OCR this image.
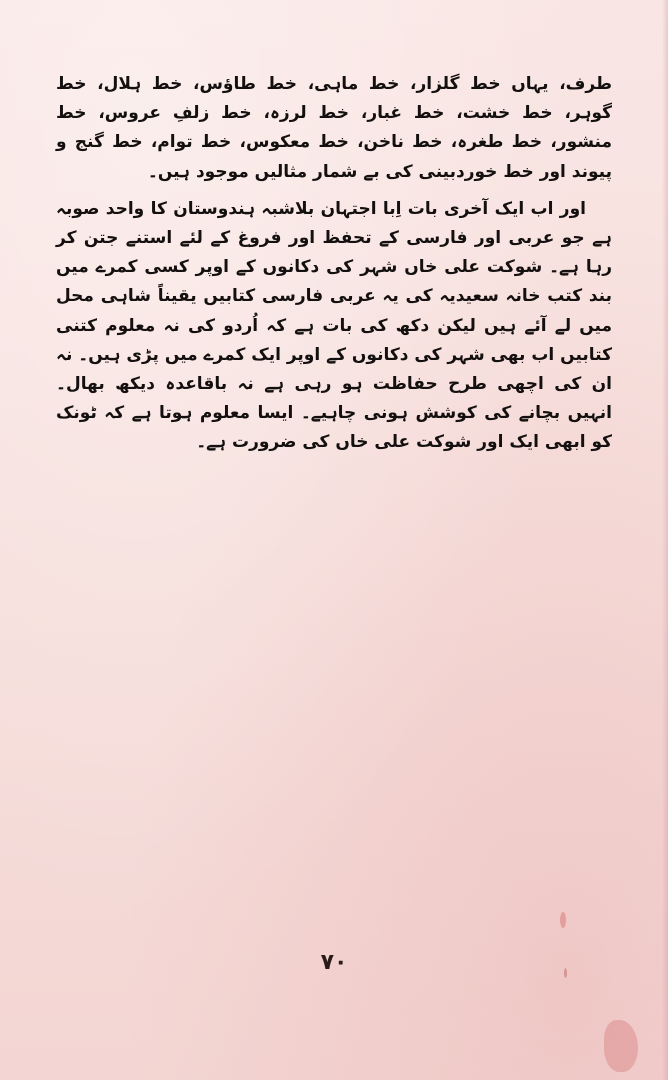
طرف، یہاں خط گلزار، خط ماہی، خط طاؤس، خط ہلال، خط گوہر، خط خشت، خط غبار، خط لرزہ، خط زلفِ عروس، خط منشور، خط طغرہ، خط ناخن، خط معکوس، خط توام، خط گنج و پیوند اور خط خوردبینی کی بے شمار مثالیں موجود ہیں۔

اور اب ایک آخری بات اِبا اجتہان بلاشبہ ہندوستان کا واحد صوبہ ہے جو عربی اور فارسی کے تحفظ اور فروغ کے لئے استنے جتن کر رہا ہے۔ شوکت علی خاں شہر کی دکانوں کے اوپر کسی کمرے میں بند کتب خانہ سعیدیہ کی یہ عربی فارسی کتابیں یقیناً شاہی محل میں لے آئے ہیں لیکن دکھ کی بات ہے کہ اُردو کی نہ معلوم کتنی کتابیں اب بھی شہر کی دکانوں کے اوپر ایک کمرے میں پڑی ہیں۔ نہ ان کی اچھی طرح حفاظت ہو رہی ہے نہ باقاعدہ دیکھ بھال۔ انہیں بچانے کی کوشش ہونی چاہیے۔ ایسا معلوم ہوتا ہے کہ ٹونک کو ابھی ایک اور شوکت علی خاں کی ضرورت ہے۔

۷۰
